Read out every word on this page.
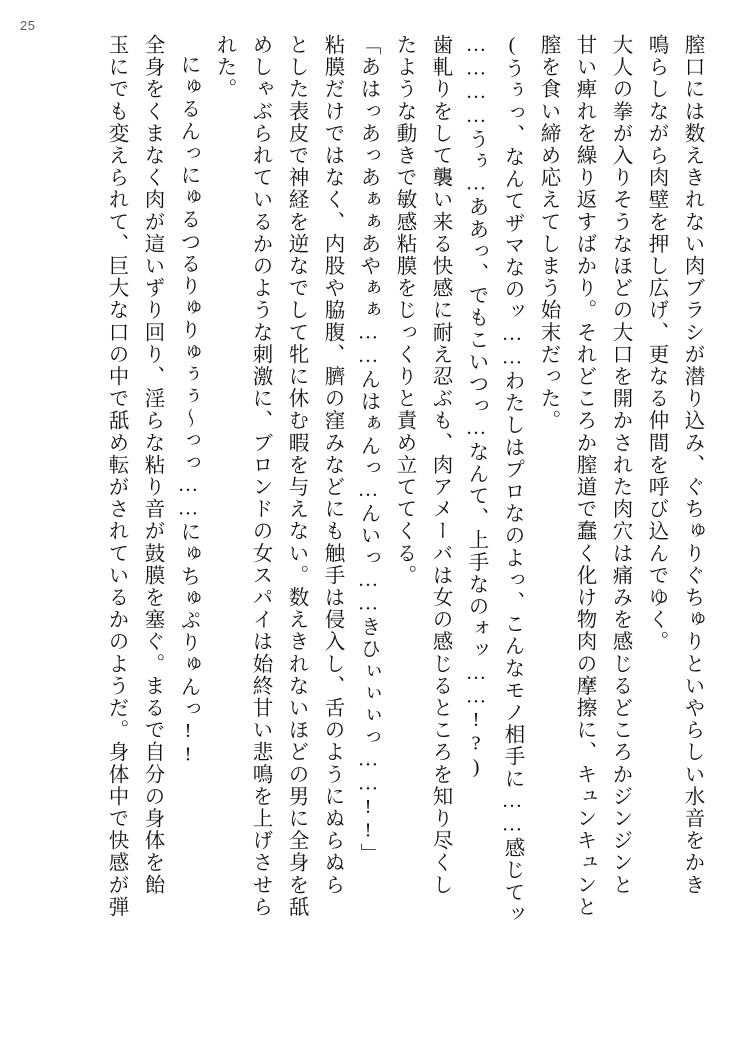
25
膣口には数えきれない肉ブラシが潜り込み、ぐちゅりぐちゅりといやらしい水音をかき
鳴らしながら肉壁を押し広げ、更なる仲間を呼び込んでゆく。
大人の拳が入りそうなほどの大口を開かされた肉穴は痛みを感じるどころかジンジンと
甘い痺れを繰り返すばかり。それどころか膣道で蠢く化け物肉の摩擦に、キュンキュンと
膣を食い締め応えてしまう始末だった。
(うぅっ、なんてザマなのッ……わたしはプロなのよっ、こんなモノ相手に……感じてッ
…………うぅ…ああっ、でもこいつっ…なんて、上手なのォッ……!?)
歯軋りをして襲い来る快感に耐え忍ぶも、肉アメーバは女の感じるところを知り尽くし
たような動きで敏感粘膜をじっくりと責め立ててくる。
「あはっあっあぁぁあやぁぁ……んはぁんっ…んいっ……きひぃぃぃっ……!!」
粘膜だけではなく、内股や脇腹、臍の窪みなどにも触手は侵入し、舌のようにぬらぬら
とした表皮で神経を逆なでして牝に休む暇を与えない。数えきれないほどの男に全身を舐
めしゃぶられているかのような刺激に、ブロンドの女スパイは始終甘い悲鳴を上げさせら
れた。
にゅるんっにゅるつるりゅりゅぅぅ〜っっ……にゅちゅぷりゅんっ!!
全身をくまなく肉が這いずり回り、淫らな粘り音が鼓膜を塞ぐ。まるで自分の身体を飴
玉にでも変えられて、巨大な口の中で舐め転がされているかのようだ。身体中で快感が弾
